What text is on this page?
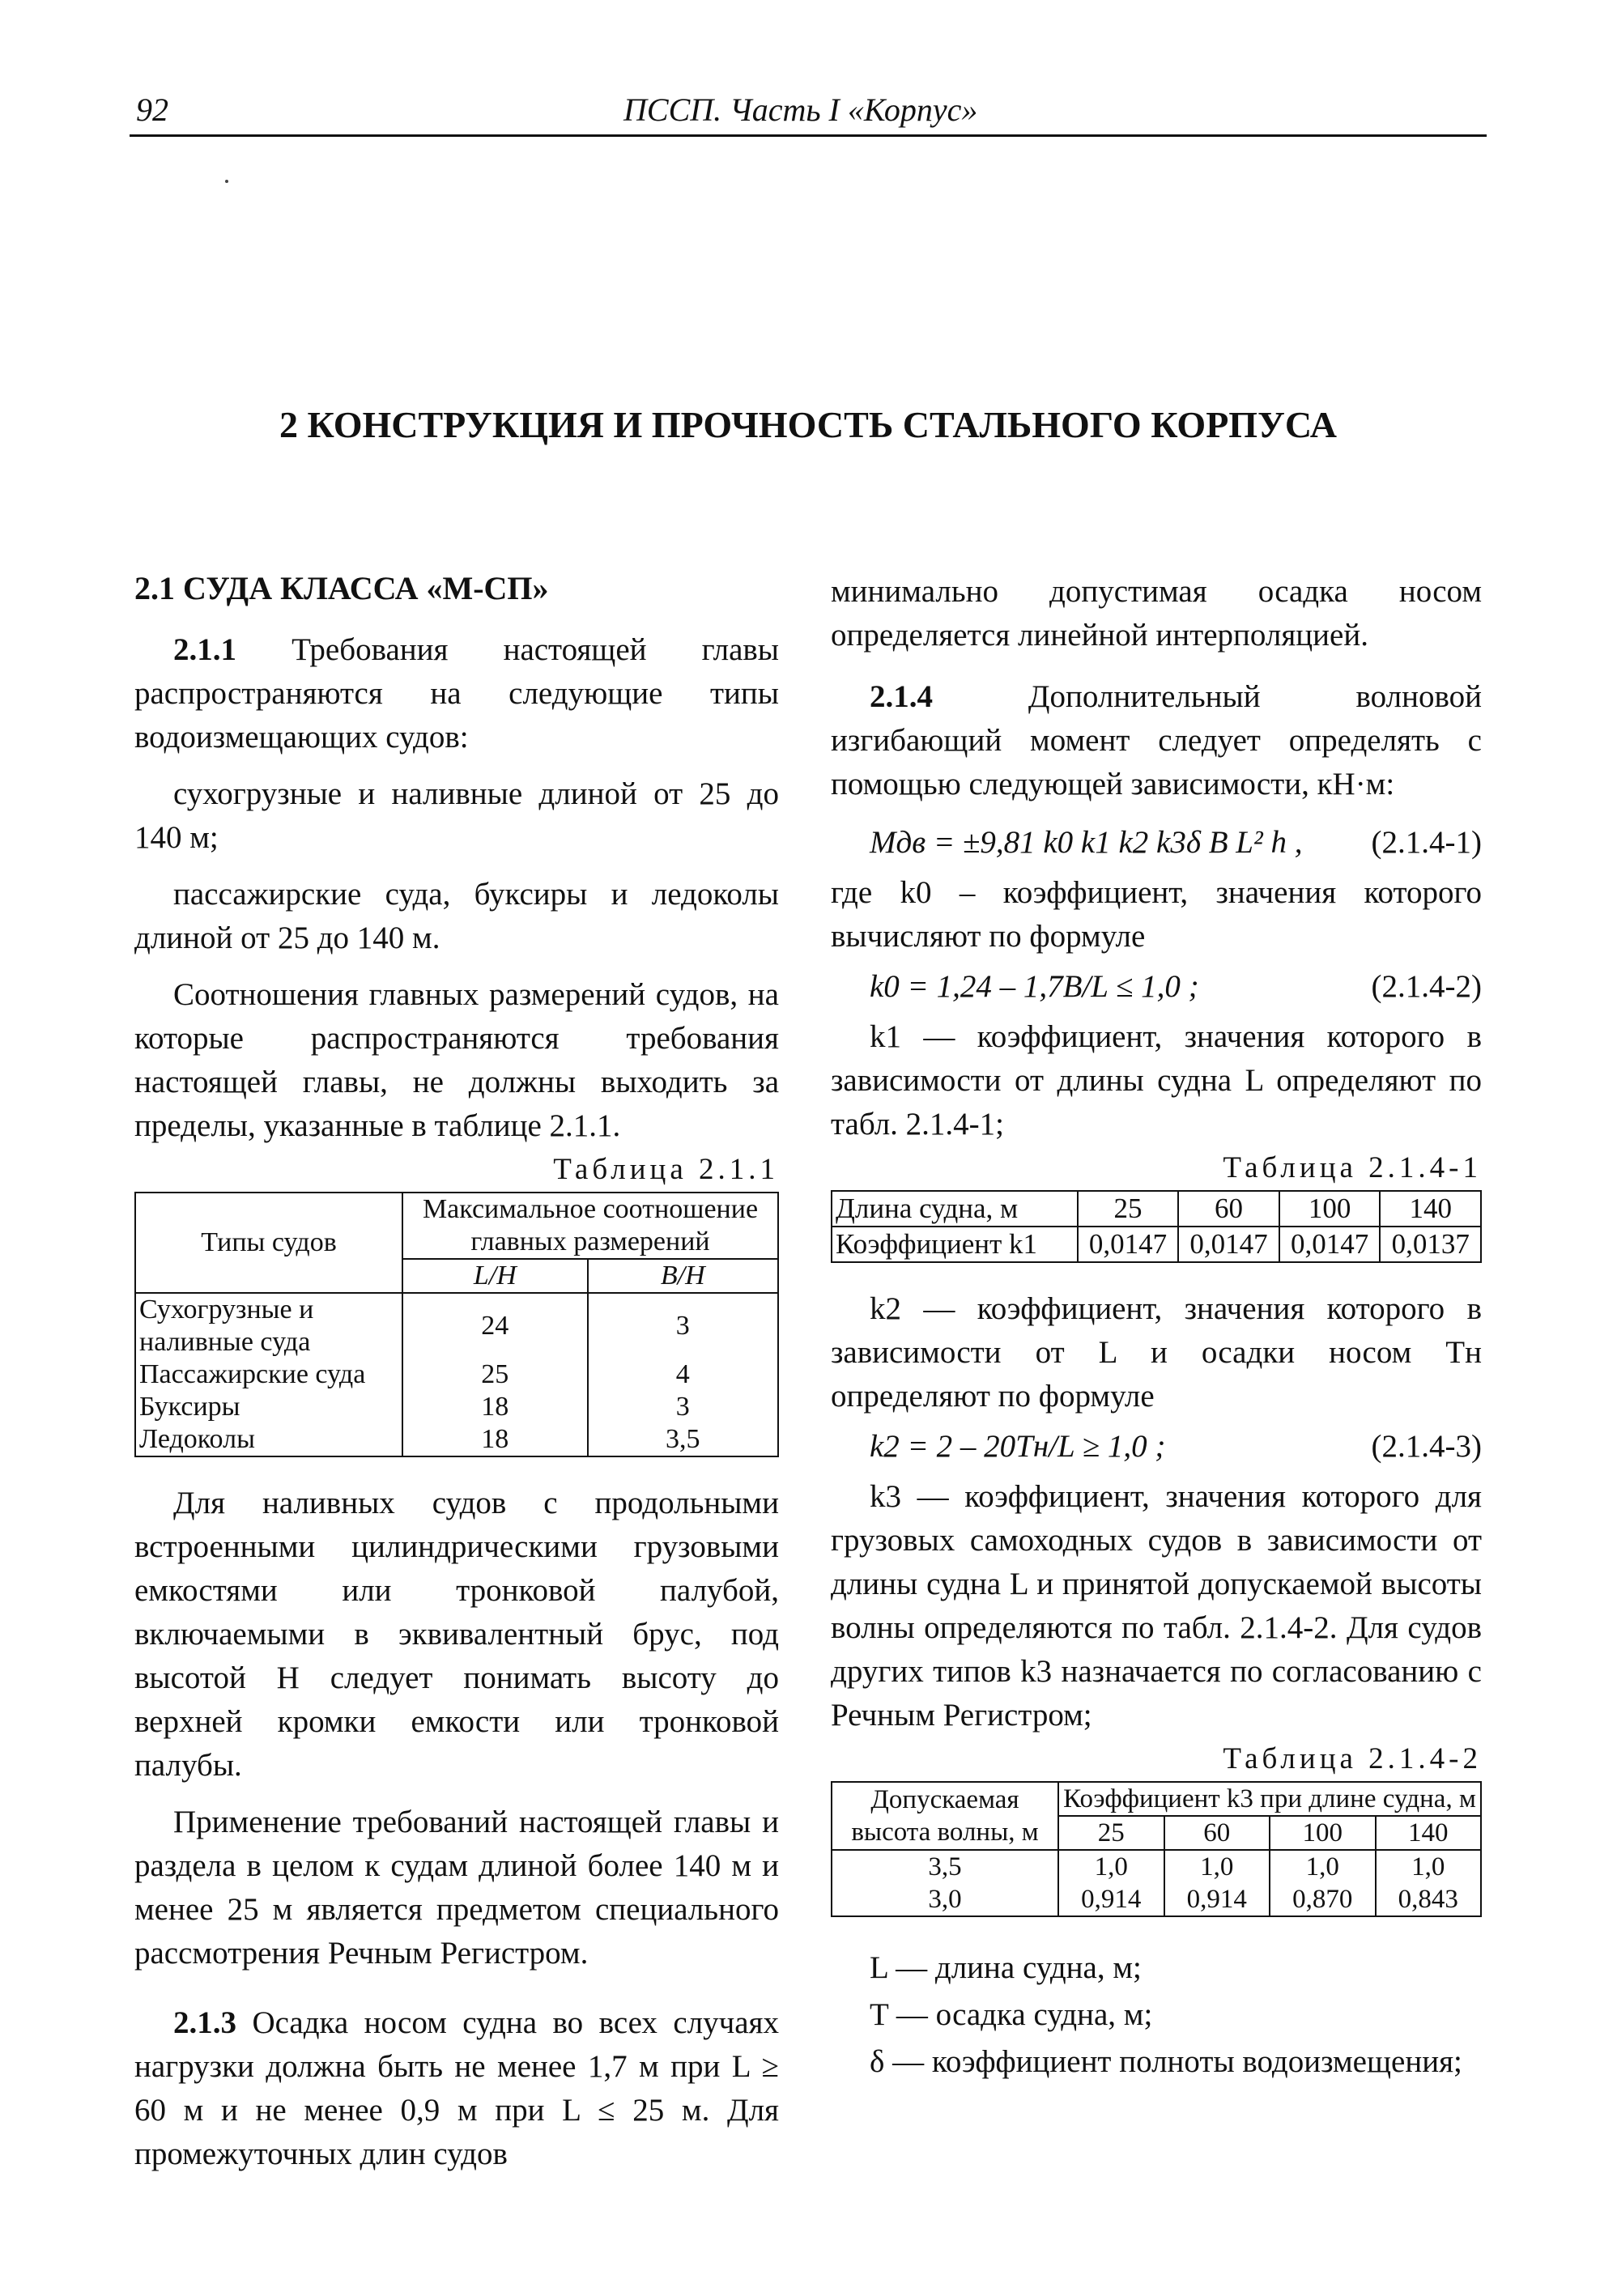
92	ПССП. Часть I «Корпус»
2 КОНСТРУКЦИЯ И ПРОЧНОСТЬ СТАЛЬНОГО КОРПУСА

2.1 СУДА КЛАССА «М-СП»

2.1.1 Требования настоящей главы распространяются на следующие типы водоизмещающих судов:

сухогрузные и наливные длиной от 25 до 140 м;

пассажирские суда, буксиры и ледоколы длиной от 25 до 140 м.

Соотношения главных размерений судов, на которые распространяются требования настоящей главы, не должны выходить за пределы, указанные в таблице 2.1.1.

Таблица 2.1.1
Типы судов	Максимальное соотношение главных размерений	
	L/H	B/H
Сухогрузные и наливные суда	24	3
Пассажирские суда	25	4
Буксиры	18	3
Ледоколы	18	3,5

Для наливных судов с продольными встроенными цилиндрическими грузовыми емкостями или тронковой палубой, включаемыми в эквивалентный брус, под высотой H следует понимать высоту до верхней кромки емкости или тронковой палубы.

Применение требований настоящей главы и раздела в целом к судам длиной более 140 м и менее 25 м является предметом специального рассмотрения Речным Регистром.

2.1.3 Осадка носом судна во всех случаях нагрузки должна быть не менее 1,7 м при L ≥ 60 м и не менее 0,9 м при L ≤ 25 м. Для промежуточных длин судов

минимально допустимая осадка носом определяется линейной интерполяцией.

2.1.4 Дополнительный волновой изгибающий момент следует определять с помощью следующей зависимости, кН·м:

Mдв = ±9,81 k0 k1 k2 k3δ B L² h , (2.1.4-1)

где k0 – коэффициент, значения которого вычисляют по формуле

k0 = 1,24 – 1,7B/L ≤ 1,0 ;	(2.1.4-2)

k1 — коэффициент, значения которого в зависимости от длины судна L определяют по табл. 2.1.4-1;

Таблица 2.1.4-1
Длина судна, м	25	60	100	140
Коэффициент k1	0,0147	0,0147	0,0147	0,0137

k2 — коэффициент, значения которого в зависимости от L и осадки носом Tн определяют по формуле

k2 = 2 – 20Tн/L ≥ 1,0 ;	(2.1.4-3)

k3 — коэффициент, значения которого для грузовых самоходных судов в зависимости от длины судна L и принятой допускаемой высоты волны определяются по табл. 2.1.4-2. Для судов других типов k3 назначается по согласованию с Речным Регистром;

Таблица 2.1.4-2
Допускаемая высота волны, м	Коэффициент k3 при длине судна, м			
	25	60	100	140
3,5	1,0	1,0	1,0	1,0
3,0	0,914	0,914	0,870	0,843

L — длина судна, м;

T — осадка судна, м;

δ — коэффициент полноты водоизмещения;
